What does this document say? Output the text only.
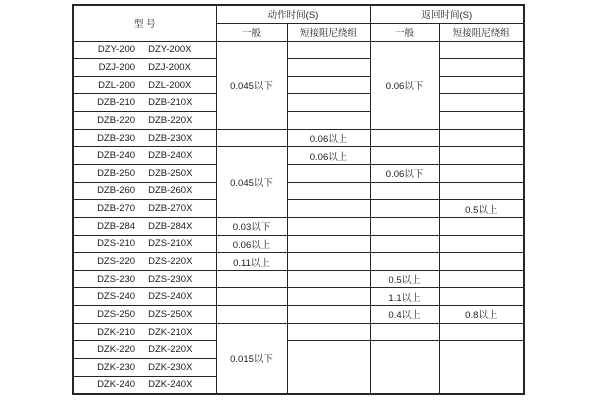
型 号	动作时间(S)		返回时间(S)	
	一般	短接阻尼绕组	一般	短接阻尼绕组

DZY-200 DZY-200X	0.045以下		0.06以下	

DZJ-200 DZJ-200X				

DZL-200 DZL-200X				

DZB-210 DZB-210X				

DZB-220 DZB-220X				

DZB-230 DZB-230X		0.06以上		

DZB-240 DZB-240X	0.045以下	0.06以上		

DZB-250 DZB-250X			0.06以下	

DZB-260 DZB-260X				

DZB-270 DZB-270X				0.5以上

DZB-284 DZB-284X	0.03以下			

DZS-210 DZS-210X	0.06以上			

DZS-220 DZS-220X	0.11以上			

DZS-230 DZS-230X			0.5以上	

DZS-240 DZS-240X			1.1以上	

DZS-250 DZS-250X			0.4以上	0.8以上

DZK-210 DZK-210X	0.015以下			

DZK-220 DZK-220X				

DZK-230 DZK-230X				

DZK-240 DZK-240X				
